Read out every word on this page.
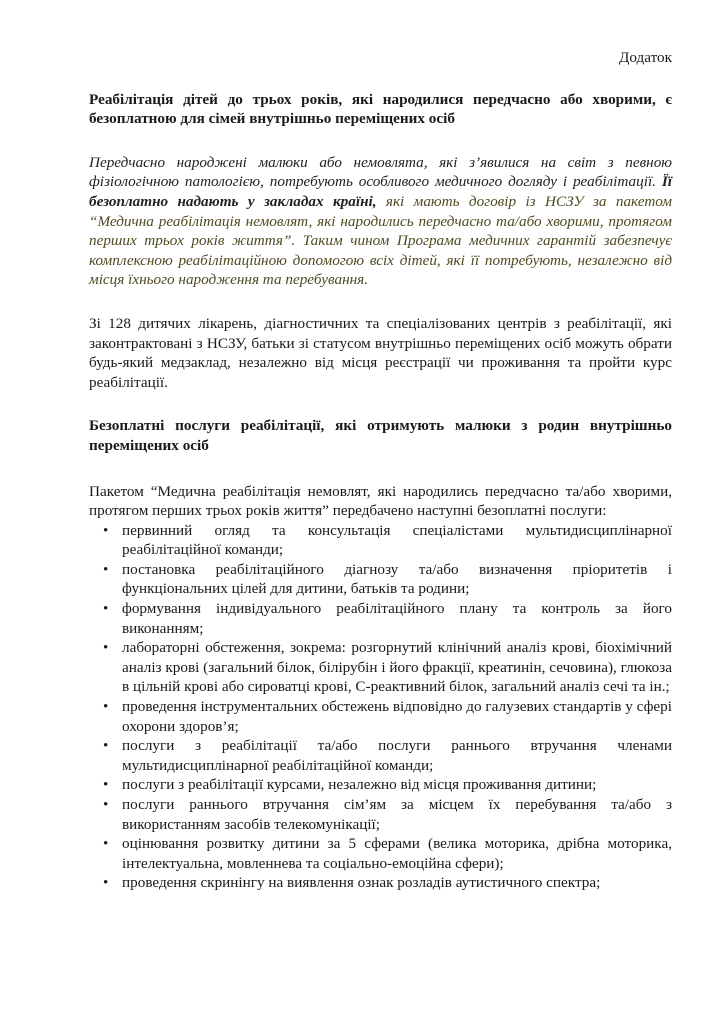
Додаток

Реабілітація дітей до трьох років, які народилися передчасно або хворими, є безоплатною для сімей внутрішньо переміщених осіб

Передчасно народжені малюки або немовлята, які з’явилися на світ з певною фізіологічною патологією, потребують особливого медичного догляду і реабілітації. Її безоплатно надають у закладах країні, які мають договір із НСЗУ за пакетом “Медична реабілітація немовлят, які народились передчасно та/або хворими, протягом перших трьох років життя”. Таким чином Програма медичних гарантій забезпечує комплексною реабілітаційною допомогою всіх дітей, які її потребують, незалежно від місця їхнього народження та перебування.

Зі 128 дитячих лікарень, діагностичних та спеціалізованих центрів з реабілітації, які законтрактовані з НСЗУ, батьки зі статусом внутрішньо переміщених осіб можуть обрати будь-який медзаклад, незалежно від місця реєстрації чи проживання та пройти курс реабілітації.

Безоплатні послуги реабілітації, які отримують малюки з родин внутрішньо переміщених осіб

Пакетом “Медична реабілітація немовлят, які народились передчасно та/або хворими, протягом перших трьох років життя” передбачено наступні безоплатні послуги:

• первинний огляд та консультація спеціалістами мультидисциплінарної реабілітаційної команди;
• постановка реабілітаційного діагнозу та/або визначення пріоритетів і функціональних цілей для дитини, батьків та родини;
• формування індивідуального реабілітаційного плану та контроль за його виконанням;
• лабораторні обстеження, зокрема: розгорнутий клінічний аналіз крові, біохімічний аналіз крові (загальний білок, білірубін і його фракції, креатинін, сечовина), глюкоза в цільній крові або сироватці крові, С-реактивний білок, загальний аналіз сечі та ін.;
• проведення інструментальних обстежень відповідно до галузевих стандартів у сфері охорони здоров’я;
• послуги з реабілітації та/або послуги раннього втручання членами мультидисциплінарної реабілітаційної команди;
• послуги з реабілітації курсами, незалежно від місця проживання дитини;
• послуги раннього втручання сім’ям за місцем їх перебування та/або з використанням засобів телекомунікації;
• оцінювання розвитку дитини за 5 сферами (велика моторика, дрібна моторика, інтелектуальна, мовленнева та соціально-емоційна сфери);
• проведення скринінгу на виявлення ознак розладів аутистичного спектра;
